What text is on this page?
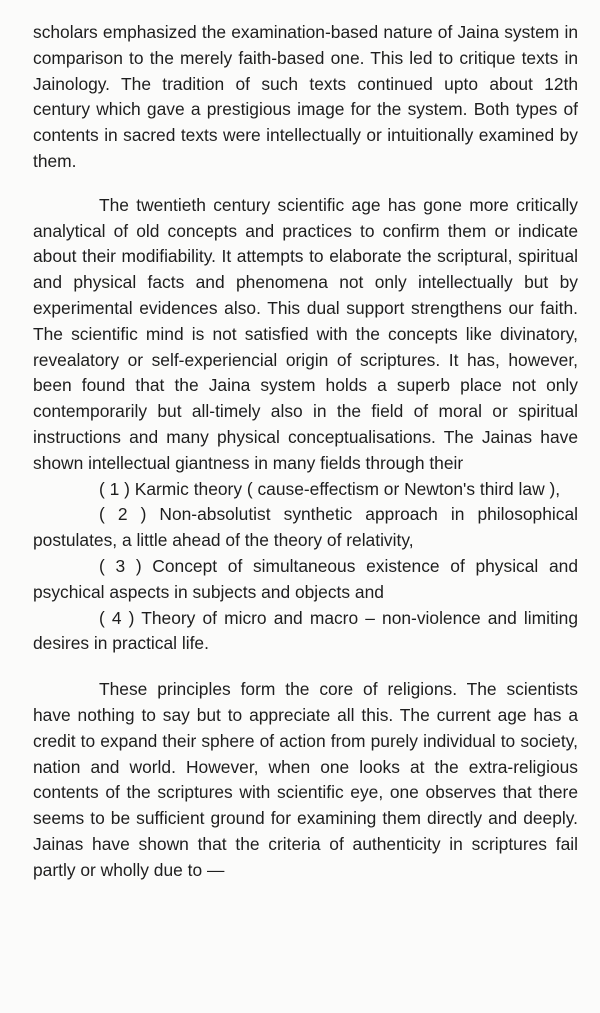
scholars emphasized the examination-based nature of Jaina system in comparison to the merely faith-based one. This led to critique texts in Jainology. The tradition of such texts continued upto about 12th century which gave a prestigious image for the system. Both types of contents in sacred texts were intellectually or intuitionally examined by them.

The twentieth century scientific age has gone more critically analytical of old concepts and practices to confirm them or indicate about their modifiability. It attempts to elaborate the scriptural, spiritual and physical facts and phenomena not only intellectually but by experimental evidences also. This dual support strengthens our faith. The scientific mind is not satisfied with the concepts like divinatory, revealatory or self-experiencial origin of scriptures. It has, however, been found that the Jaina system holds a superb place not only contemporarily but all-timely also in the field of moral or spiritual instructions and many physical conceptualisations. The Jainas have shown intellectual giantness in many fields through their

( 1 ) Karmic theory ( cause-effectism or Newton's third law ),

( 2 ) Non-absolutist synthetic approach in philosophical postulates, a little ahead of the theory of relativity,

( 3 ) Concept of simultaneous existence of physical and psychical aspects in subjects and objects and

( 4 ) Theory of micro and macro – non-violence and limiting desires in practical life.

These principles form the core of religions. The scientists have nothing to say but to appreciate all this. The current age has a credit to expand their sphere of action from purely individual to society, nation and world. However, when one looks at the extra-religious contents of the scriptures with scientific eye, one observes that there seems to be sufficient ground for examining them directly and deeply. Jainas have shown that the criteria of authenticity in scriptures fail partly or wholly due to —
